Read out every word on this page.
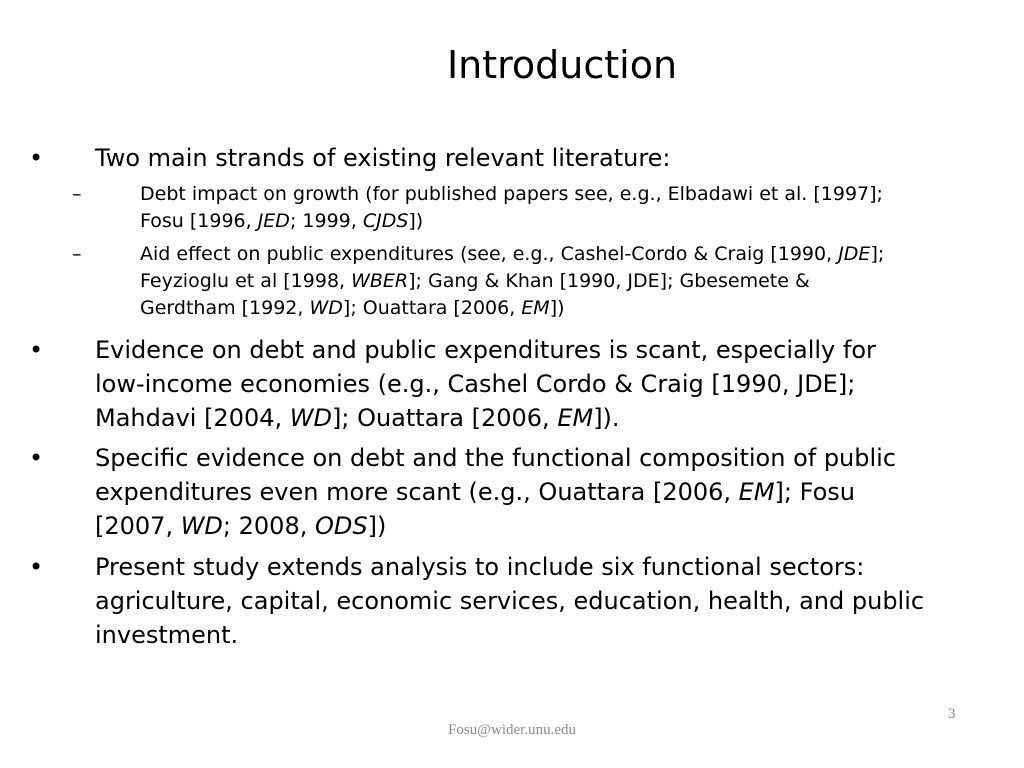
Introduction
• Two main strands of existing relevant literature:
–	Debt impact on growth (for published papers see, e.g., Elbadawi et al. [1997]; Fosu [1996, JED; 1999, CJDS])
–	Aid effect on public expenditures (see, e.g., Cashel-Cordo & Craig [1990, JDE]; Feyzioglu et al [1998, WBER]; Gang & Khan [1990, JDE]; Gbesemete & Gerdtham [1992, WD]; Ouattara [2006, EM])
• Evidence on debt and public expenditures is scant, especially for low-income economies (e.g., Cashel Cordo & Craig [1990, JDE]; Mahdavi [2004, WD]; Ouattara [2006, EM]).
• Specific evidence on debt and the functional composition of public expenditures even more scant (e.g., Ouattara [2006, EM]; Fosu [2007, WD; 2008, ODS])
• Present study extends analysis to include six functional sectors: agriculture, capital, economic services, education, health, and public investment.
Fosu@wider.unu.edu
3
